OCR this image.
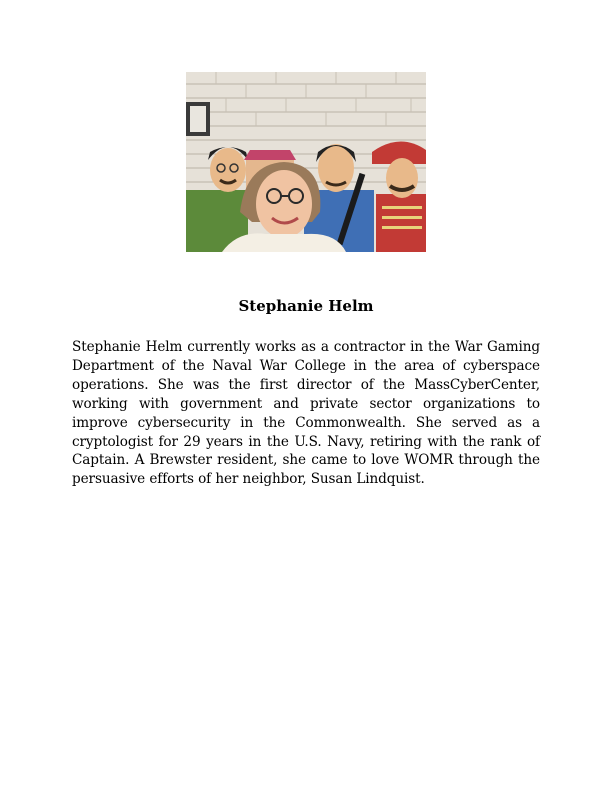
Stephanie Helm

Stephanie Helm currently works as a contractor in the War Gaming Department of the Naval War College in the area of cyberspace operations. She was the first director of the MassCyberCenter, working with government and private sector organizations to improve cybersecurity in the Commonwealth. She served as a cryptologist for 29 years in the U.S. Navy, retiring with the rank of Captain. A Brewster resident, she came to love WOMR through the persuasive efforts of her neighbor, Susan Lindquist.
